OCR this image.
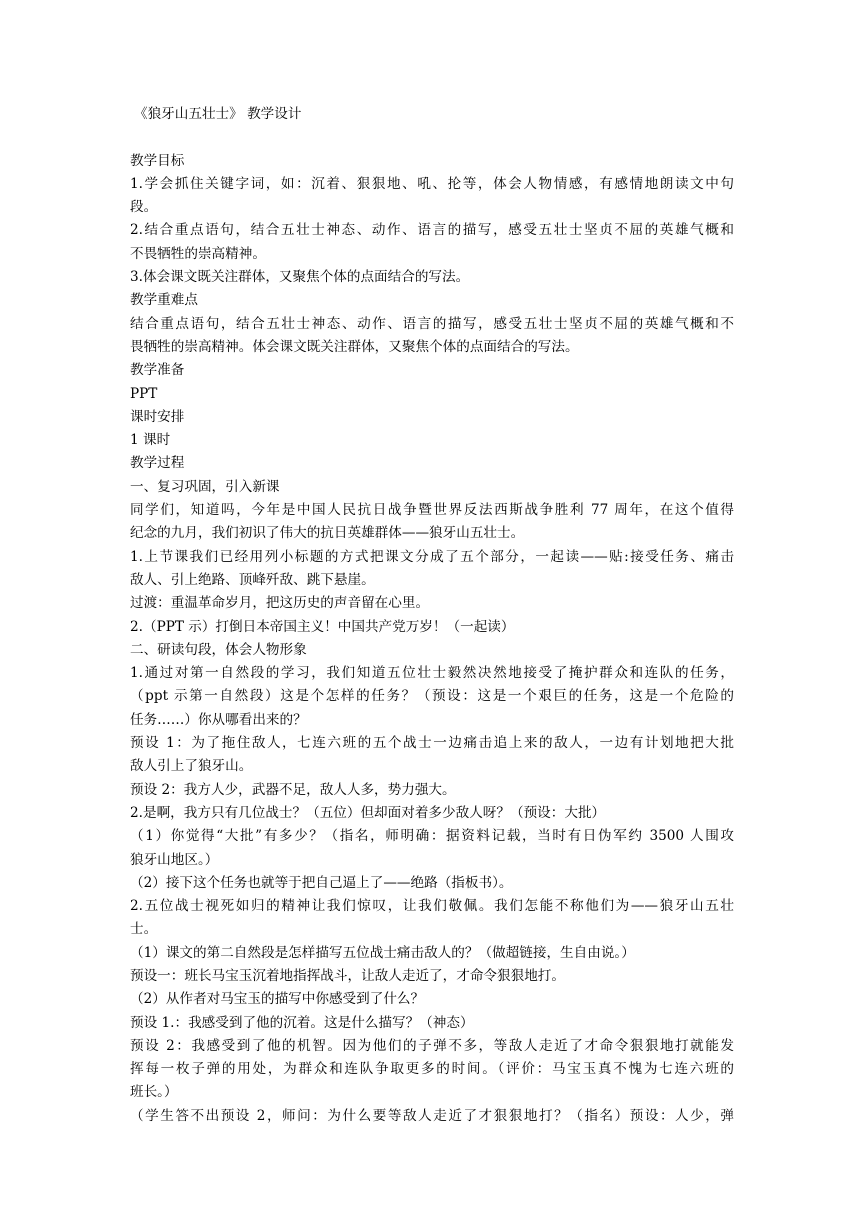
《狼牙山五壮士》 教学设计
教学目标
1.学会抓住关键字词，如：沉着、狠狠地、吼、抡等，体会人物情感，有感情地朗读文中句
段。
2.结合重点语句，结合五壮士神态、动作、语言的描写，感受五壮士坚贞不屈的英雄气概和
不畏牺牲的崇高精神。
3.体会课文既关注群体，又聚焦个体的点面结合的写法。
教学重难点
结合重点语句，结合五壮士神态、动作、语言的描写，感受五壮士坚贞不屈的英雄气概和不
畏牺牲的崇高精神。体会课文既关注群体，又聚焦个体的点面结合的写法。
教学准备
PPT
课时安排
1 课时
教学过程
一、复习巩固，引入新课
同学们，知道吗，今年是中国人民抗日战争暨世界反法西斯战争胜利 77 周年，在这个值得
纪念的九月，我们初识了伟大的抗日英雄群体——狼牙山五壮士。
1.上节课我们已经用列小标题的方式把课文分成了五个部分，一起读——贴:接受任务、痛击
敌人、引上绝路、顶峰歼敌、跳下悬崖。
过渡：重温革命岁月，把这历史的声音留在心里。
2.（PPT 示）打倒日本帝国主义！中国共产党万岁！（一起读）
二、研读句段，体会人物形象
1.通过对第一自然段的学习，我们知道五位壮士毅然决然地接受了掩护群众和连队的任务，
（ppt 示第一自然段）这是个怎样的任务？（预设：这是一个艰巨的任务，这是一个危险的
任务……）你从哪看出来的？
预设 1：为了拖住敌人，七连六班的五个战士一边痛击追上来的敌人，一边有计划地把大批
敌人引上了狼牙山。
预设 2：我方人少，武器不足，敌人人多，势力强大。
2.是啊，我方只有几位战士？（五位）但却面对着多少敌人呀？（预设：大批）
（1）你觉得“大批”有多少？（指名，师明确：据资料记载，当时有日伪军约 3500 人围攻
狼牙山地区。）
（2）接下这个任务也就等于把自己逼上了——绝路（指板书）。
2.五位战士视死如归的精神让我们惊叹，让我们敬佩。我们怎能不称他们为——狼牙山五壮
士。
（1）课文的第二自然段是怎样描写五位战士痛击敌人的？（做超链接，生自由说。）
预设一：班长马宝玉沉着地指挥战斗，让敌人走近了，才命令狠狠地打。
（2）从作者对马宝玉的描写中你感受到了什么？
预设 1.：我感受到了他的沉着。这是什么描写？（神态）
预设 2：我感受到了他的机智。因为他们的子弹不多，等敌人走近了才命令狠狠地打就能发
挥每一枚子弹的用处，为群众和连队争取更多的时间。（评价：马宝玉真不愧为七连六班的
班长。）
（学生答不出预设 2，师问：为什么要等敌人走近了才狠狠地打？（指名）预设：人少，弹
